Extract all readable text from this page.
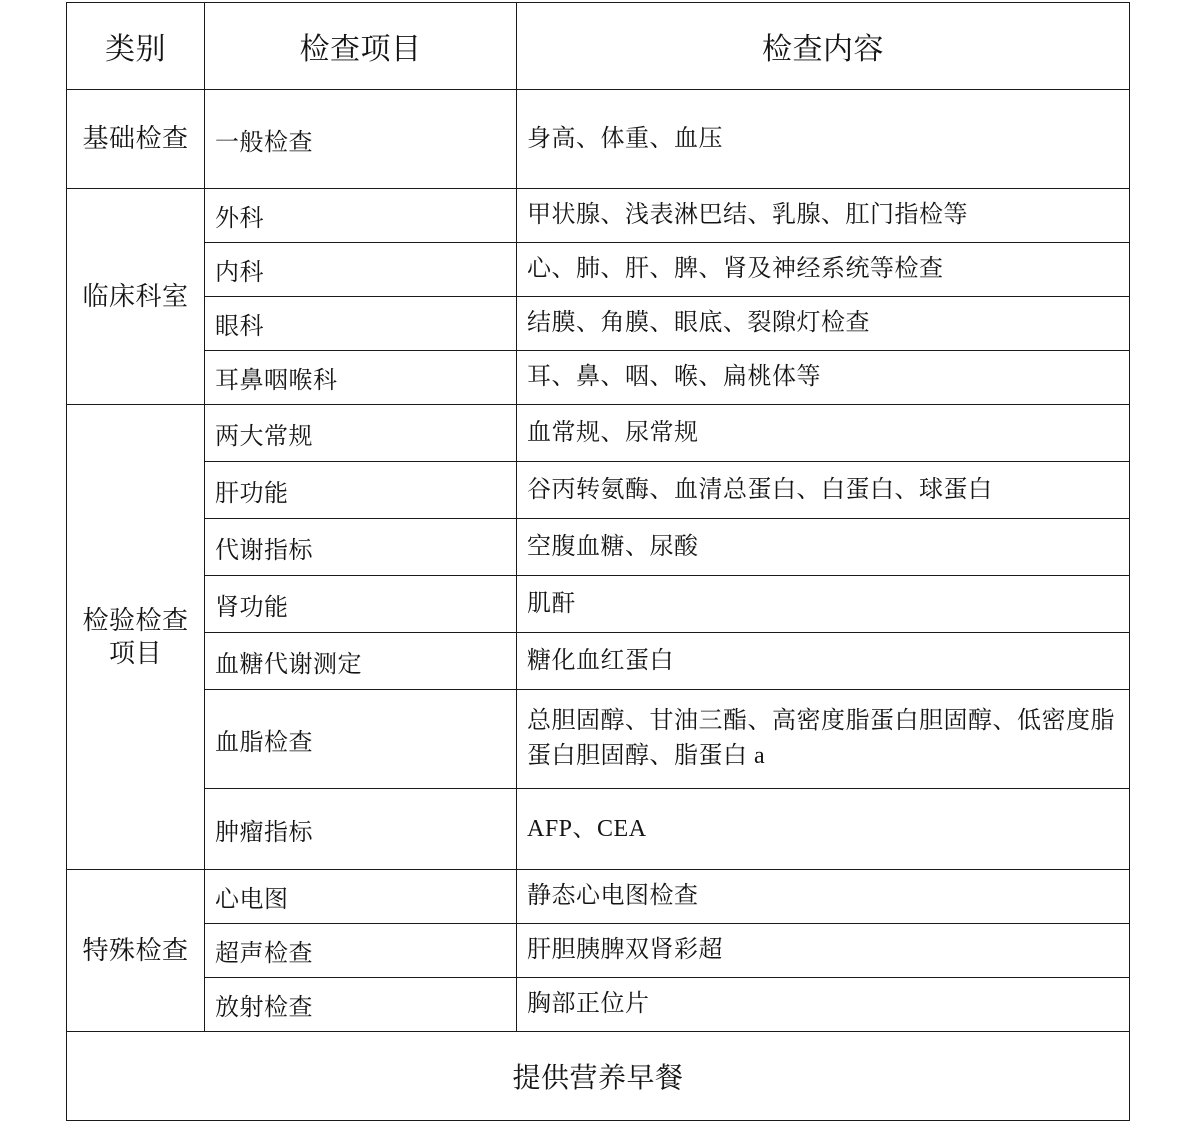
类别	检查项目	检查内容
基础检查	一般检查	身高、体重、血压
临床科室	外科	甲状腺、浅表淋巴结、乳腺、肛门指检等
	内科	心、肺、肝、脾、肾及神经系统等检查
	眼科	结膜、角膜、眼底、裂隙灯检查
	耳鼻咽喉科	耳、鼻、咽、喉、扁桃体等
检验检查项目	两大常规	血常规、尿常规
	肝功能	谷丙转氨酶、血清总蛋白、白蛋白、球蛋白
	代谢指标	空腹血糖、尿酸
	肾功能	肌酐
	血糖代谢测定	糖化血红蛋白
	血脂检查	总胆固醇、甘油三酯、高密度脂蛋白胆固醇、低密度脂蛋白胆固醇、脂蛋白 a
	肿瘤指标	AFP、CEA
特殊检查	心电图	静态心电图检查
	超声检查	肝胆胰脾双肾彩超
	放射检查	胸部正位片
提供营养早餐		
